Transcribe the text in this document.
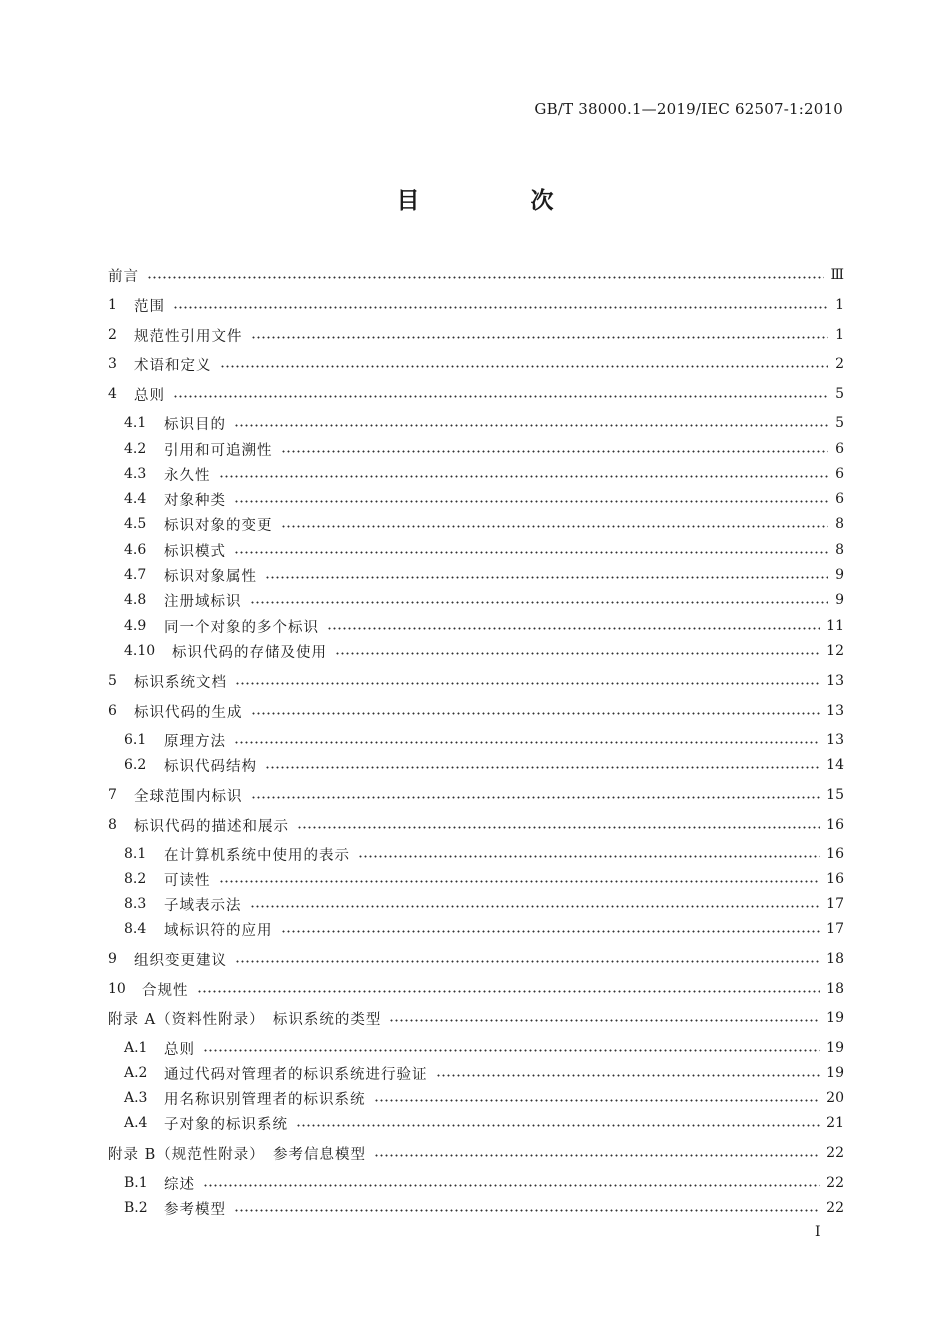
GB/T 38000.1—2019/IEC 62507-1:2010
目　次
前言	Ⅲ
1	范围	1
2	规范性引用文件	1
3	术语和定义	2
4	总则	5
4.1	标识目的	5
4.2	引用和可追溯性	6
4.3	永久性	6
4.4	对象种类	6
4.5	标识对象的变更	8
4.6	标识模式	8
4.7	标识对象属性	9
4.8	注册域标识	9
4.9	同一个对象的多个标识	11
4.10	标识代码的存储及使用	12
5	标识系统文档	13
6	标识代码的生成	13
6.1	原理方法	13
6.2	标识代码结构	14
7	全球范围内标识	15
8	标识代码的描述和展示	16
8.1	在计算机系统中使用的表示	16
8.2	可读性	16
8.3	子域表示法	17
8.4	域标识符的应用	17
9	组织变更建议	18
10	合规性	18
附录 A（资料性附录）　标识系统的类型	19
A.1	总则	19
A.2	通过代码对管理者的标识系统进行验证	19
A.3	用名称识别管理者的标识系统	20
A.4	子对象的标识系统	21
附录 B（规范性附录）　参考信息模型	22
B.1	综述	22
B.2	参考模型	22
I
